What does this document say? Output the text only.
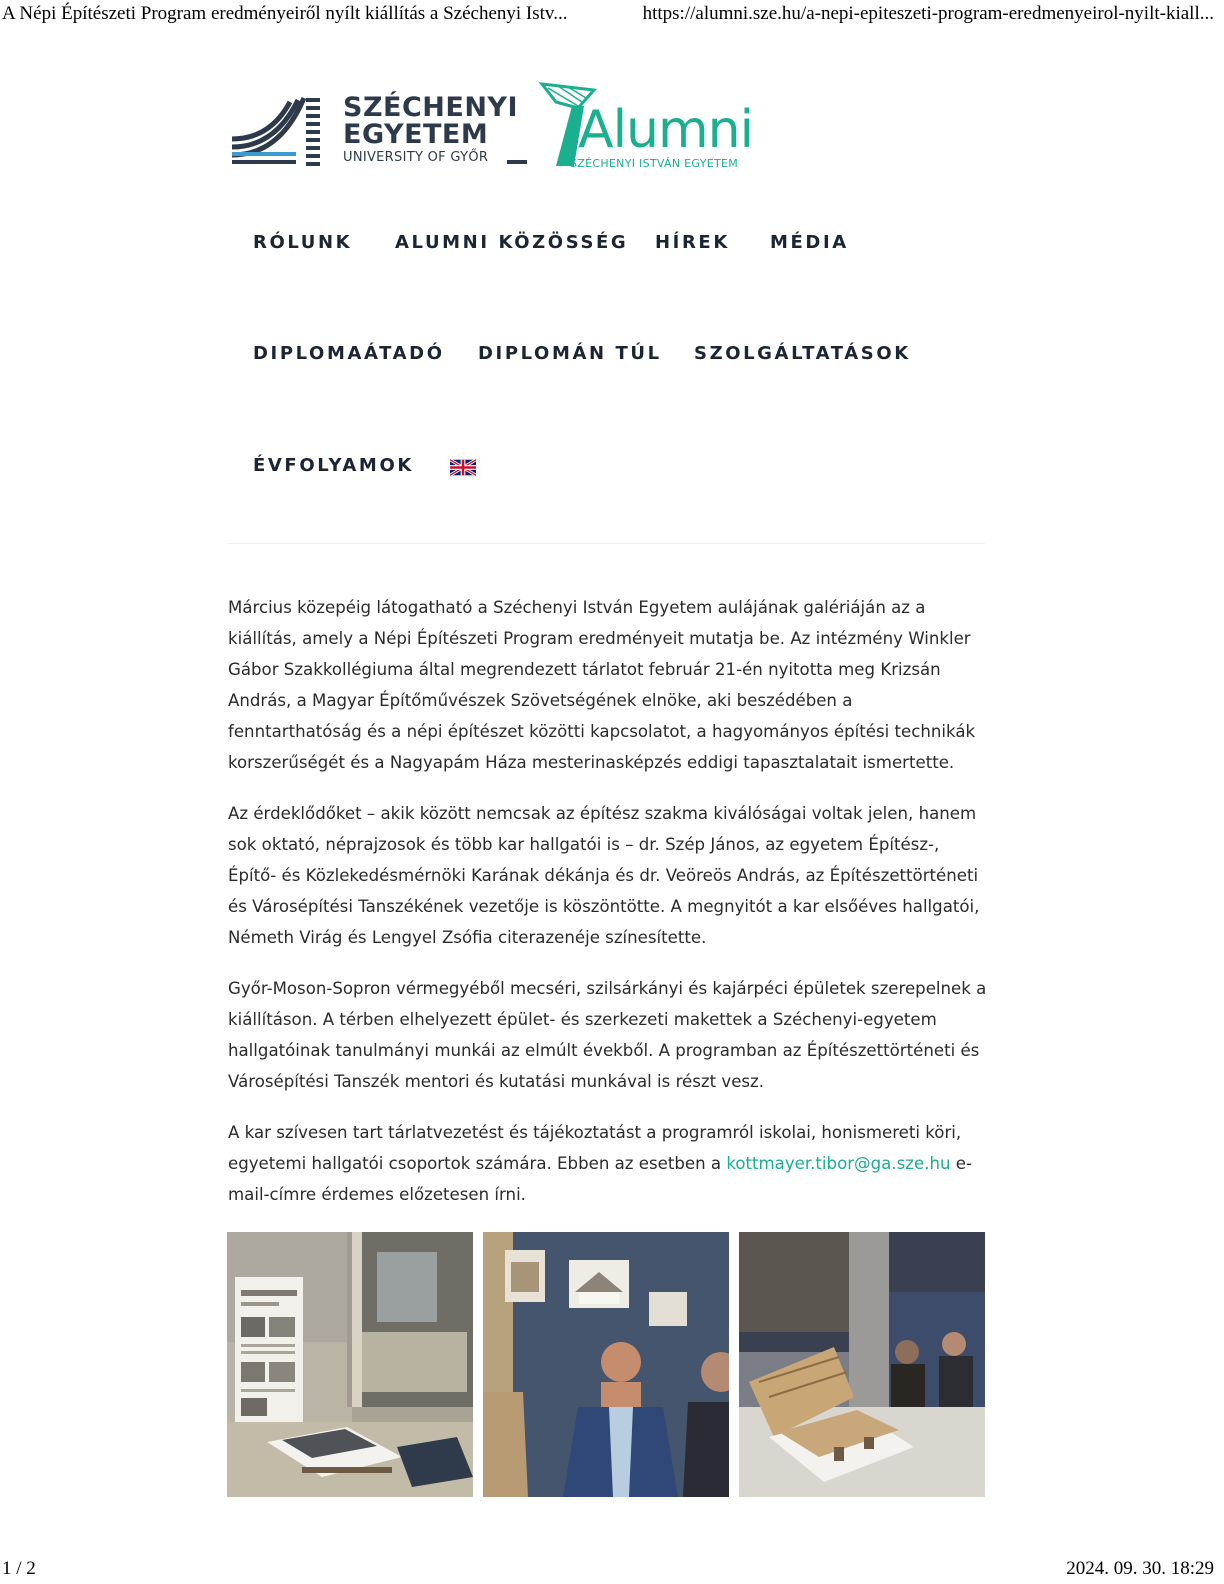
A Népi Építészeti Program eredményeiről nyílt kiállítás a Széchenyi Istv...	https://alumni.sze.hu/a-nepi-epiteszeti-program-eredmenyeirol-nyilt-kiall...
SZÉCHENYI
EGYETEM
UNIVERSITY OF GYŐR	Alumni
SZÉCHENYI ISTVÁN EGYETEM
RÓLUNK ALUMNI KÖZÖSSÉG HÍREK MÉDIA
DIPLOMAÁTADÓ DIPLOMÁN TÚL SZOLGÁLTATÁSOK
ÉVFOLYAMOK

Március közepéig látogatható a Széchenyi István Egyetem aulájának galériáján az a kiállítás, amely a Népi Építészeti Program eredményeit mutatja be. Az intézmény Winkler Gábor Szakkollégiuma által megrendezett tárlatot február 21-én nyitotta meg Krizsán András, a Magyar Építőművészek Szövetségének elnöke, aki beszédében a fenntarthatóság és a népi építészet közötti kapcsolatot, a hagyományos építési technikák korszerűségét és a Nagyapám Háza mesterinasképzés eddigi tapasztalatait ismertette.

Az érdeklődőket – akik között nemcsak az építész szakma kiválóságai voltak jelen, hanem sok oktató, néprajzosok és több kar hallgatói is – dr. Szép János, az egyetem Építész-, Építő- és Közlekedésmérnöki Karának dékánja és dr. Veöreös András, az Építészettörténeti és Városépítési Tanszékének vezetője is köszöntötte. A megnyitót a kar elsőéves hallgatói, Németh Virág és Lengyel Zsófia citerazenéje színesítette.

Győr-Moson-Sopron vérmegyéből mecséri, szilsárkányi és kajárpéci épületek szerepelnek a kiállításon. A térben elhelyezett épület- és szerkezeti makettek a Széchenyi-egyetem hallgatóinak tanulmányi munkái az elmúlt évekből. A programban az Építészettörténeti és Városépítési Tanszék mentori és kutatási munkával is részt vesz.

A kar szívesen tart tárlatvezetést és tájékoztatást a programról iskolai, honismereti köri, egyetemi hallgatói csoportok számára. Ebben az esetben a kottmayer.tibor@ga.sze.hu e-mail-címre érdemes előzetesen írni.

1 / 2	2024. 09. 30. 18:29
